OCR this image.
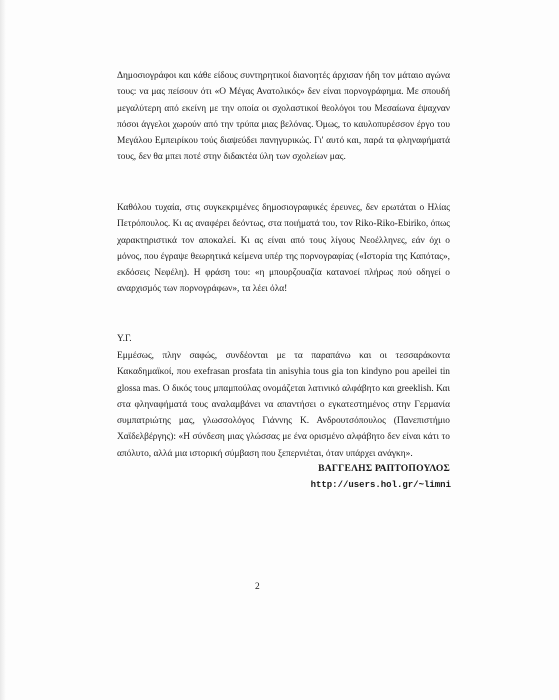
Δημοσιογράφοι και κάθε είδους συντηρητικοί διανοητές άρχισαν ήδη τον μάταιο αγώνα τους: να μας πείσουν ότι «Ο Μέγας Ανατολικός» δεν είναι πορνογράφημα. Με σπουδή μεγαλύτερη από εκείνη με την οποία οι σχολαστικοί θεολόγοι του Μεσαίωνα έψαχναν πόσοι άγγελοι χωρούν από την τρύπα μιας βελόνας. Όμως, το καυλοπυρέσσον έργο του Μεγάλου Εμπειρίκου τούς διαψεύδει πανηγυρικώς. Γι' αυτό και, παρά τα φληναφήματά τους, δεν θα μπει ποτέ στην διδακτέα ύλη των σχολείων μας.

Καθόλου τυχαία, στις συγκεκριμένες δημοσιογραφικές έρευνες, δεν ερωτάται ο Ηλίας Πετρόπουλος. Κι ας αναφέρει δεόντως, στα ποιήματά του, τον Riko-Riko-Ebiriko, όπως χαρακτηριστικά τον αποκαλεί. Κι ας είναι από τους λίγους Νεοέλληνες, εάν όχι ο μόνος, που έγραψε θεωρητικά κείμενα υπέρ της πορνογραφίας («Ιστορία της Καπότας», εκδόσεις Νεφέλη). Η φράση του: «η μπουρζουαζία κατανοεί πλήρως πού οδηγεί ο αναρχισμός των πορνογράφων», τα λέει όλα!

Υ.Γ.

Εμμέσως, πλην σαφώς, συνδέονται με τα παραπάνω και οι τεσσαράκοντα Κακαδημαϊκοί, που exefrasan prosfata tin anisyhia tous gia ton kindyno pou apeilei tin glossa mas. Ο δικός τους μπαμπούλας ονομάζεται λατινικό αλφάβητο και greeklish. Και στα φληναφήματά τους αναλαμβάνει να απαντήσει ο εγκατεστημένος στην Γερμανία συμπατριώτης μας, γλωσσολόγος Γιάννης Κ. Ανδρουτσόπουλος (Πανεπιστήμιο Χαϊδελβέργης): «Η σύνδεση μιας γλώσσας με ένα ορισμένο αλφάβητο δεν είναι κάτι το απόλυτο, αλλά μια ιστορική σύμβαση που ξεπερνιέται, όταν υπάρχει ανάγκη».

ΒΑΓΓΕΛΗΣ ΡΑΠΤΟΠΟΥΛΟΣ
http://users.hol.gr/~limni
2
